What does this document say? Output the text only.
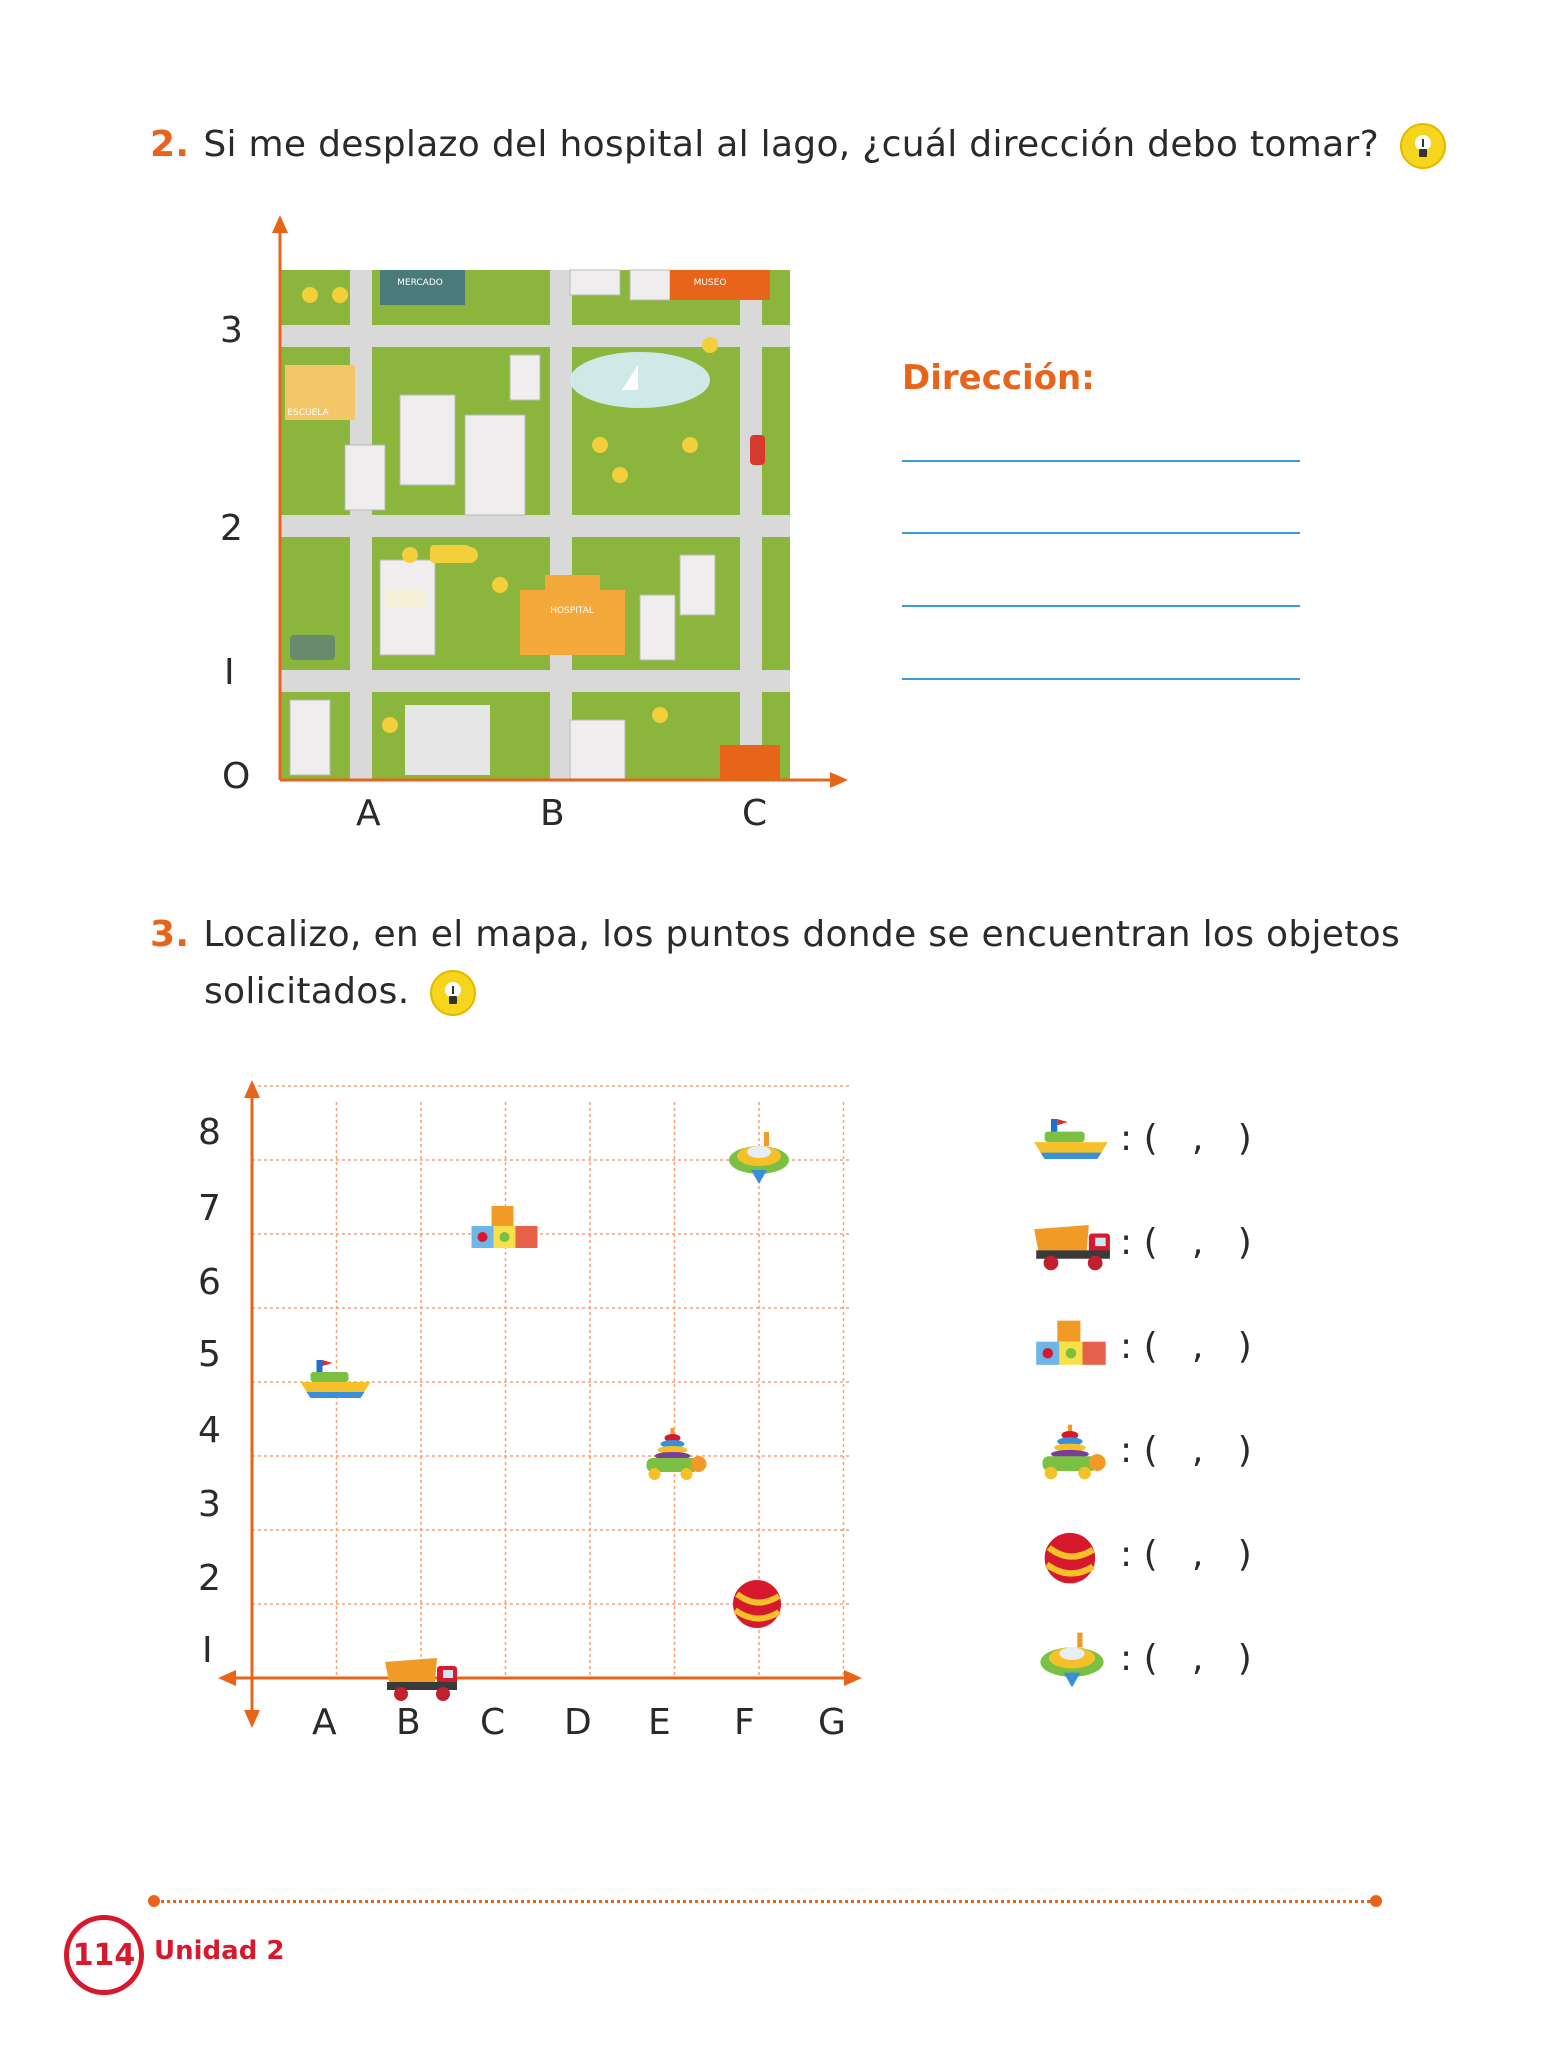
2. Si me desplazo del hospital al lago, ¿cuál dirección debo tomar?
MERCADO	MUSEO
ESCUELA
HOSPITAL
3
2
I
O
A	B	C
Dirección:
3. Localizo, en el mapa, los puntos donde se encuentran los objetos
solicitados.
8
7
6
5
4
3
2
I
A B C D E F G
: (   ,   )
: (   ,   )
: (   ,   )
: (   ,   )
: (   ,   )
: (   ,   )
114 Unidad 2
